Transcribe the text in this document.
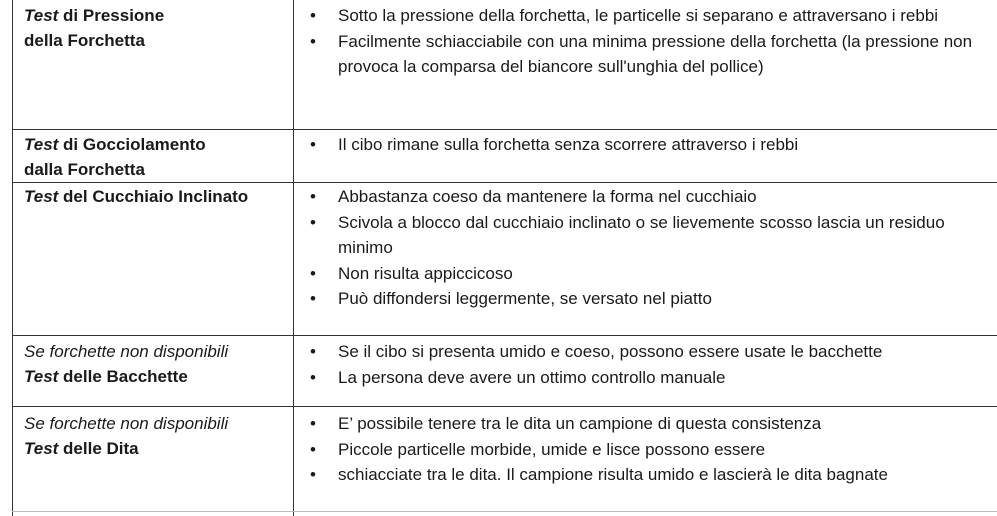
Test di Pressione
della Forchetta
• Sotto la pressione della forchetta, le particelle si separano e attraversano i rebbi
• Facilmente schiacciabile con una minima pressione della forchetta (la pressione non provoca la comparsa del biancore sull'unghia del pollice)
Test di Gocciolamento
dalla Forchetta
• Il cibo rimane sulla forchetta senza scorrere attraverso i rebbi
Test del Cucchiaio Inclinato
•	Abbastanza coeso da mantenere la forma nel cucchiaio
• Scivola a blocco dal cucchiaio inclinato o se lievemente scosso lascia un residuo minimo
• Non risulta appiccicoso
• Può diffondersi leggermente, se versato nel piatto
Se forchette non disponibili
Test delle Bacchette
• Se il cibo si presenta umido e coeso, possono essere usate le bacchette
• La persona deve avere un ottimo controllo manuale
Se forchette non disponibili
Test delle Dita
• E’ possibile tenere tra le dita un campione di questa consistenza
• Piccole particelle morbide, umide e lisce possono essere
• schiacciate tra le dita. Il campione risulta umido e lascierà le dita bagnate
